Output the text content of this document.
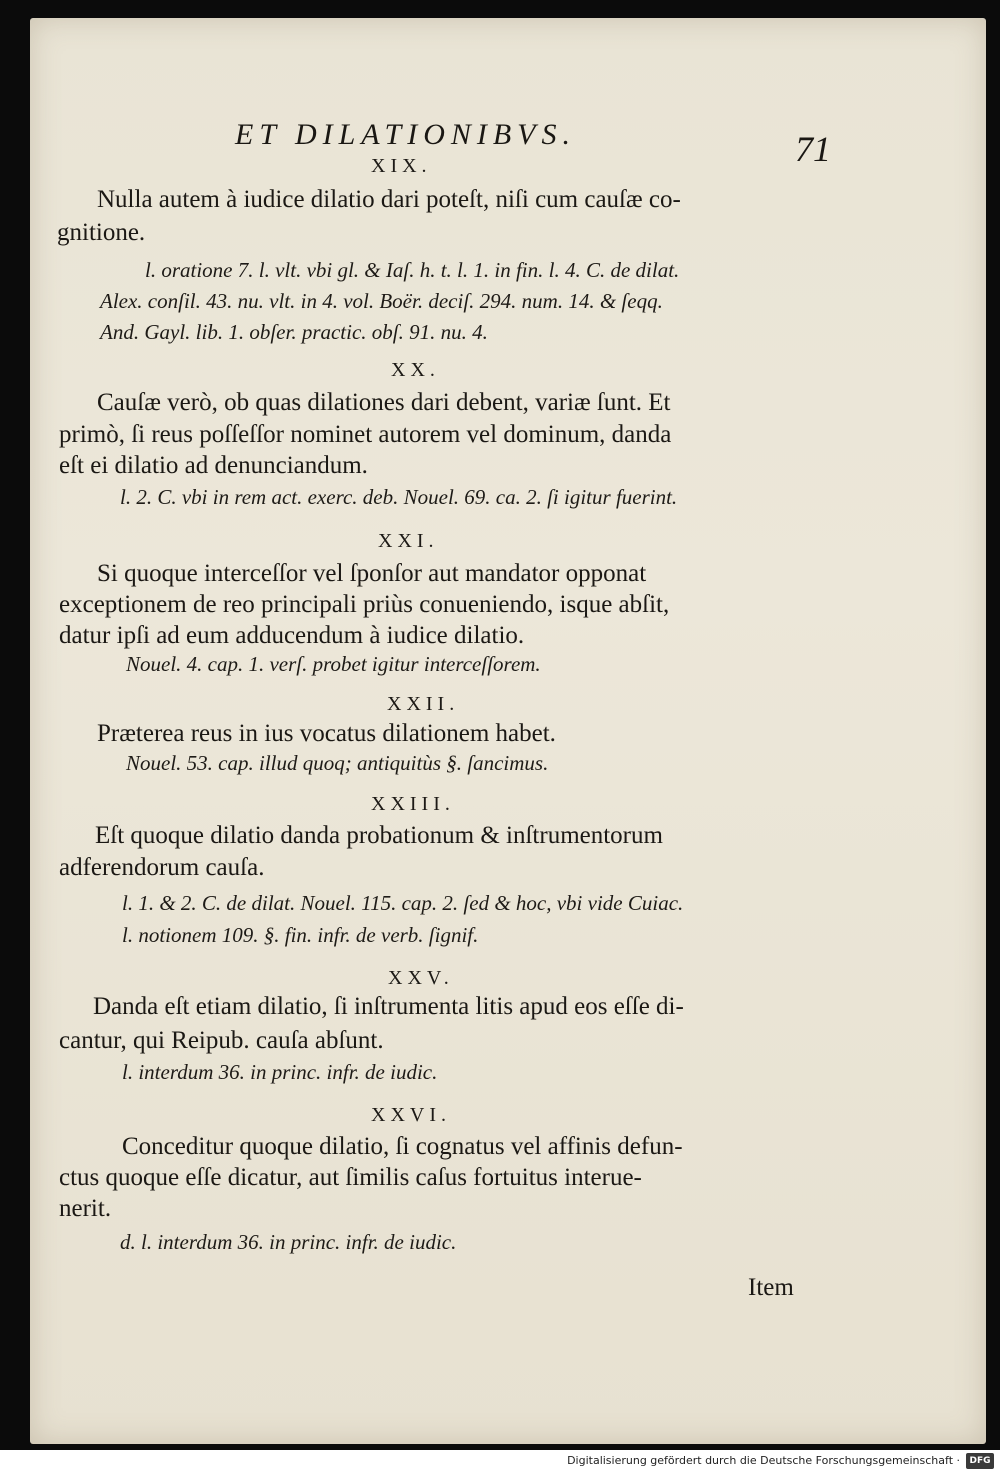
ET DILATIONIBVS.	71
XIX.
Nulla autem à iudice dilatio dari poteſt, niſi cum cauſæ co-
gnitione.
l. oratione 7. l. vlt. vbi gl. & Iaſ. h. t. l. 1. in fin. l. 4. C. de dilat.
Alex. conſil. 43. nu. vlt. in 4. vol. Boër. deciſ. 294. num. 14. & ſeqq.
And. Gayl. lib. 1. obſer. practic. obſ. 91. nu. 4.
XX.
Cauſæ verò, ob quas dilationes dari debent, variæ ſunt. Et
primò, ſi reus poſſeſſor nominet autorem vel dominum, danda
eſt ei dilatio ad denunciandum.
l. 2. C. vbi in rem act. exerc. deb. Nouel. 69. ca. 2. ſi igitur fuerint.
XXI.
Si quoque interceſſor vel ſponſor aut mandator opponat
exceptionem de reo principali priùs conueniendo, isque abſit,
datur ipſi ad eum adducendum à iudice dilatio.
Nouel. 4. cap. 1. verſ. probet igitur interceſſorem.
XXII.
Præterea reus in ius vocatus dilationem habet.
Nouel. 53. cap. illud quoq; antiquitùs §. ſancimus.
XXIII.
Eſt quoque dilatio danda probationum & inſtrumentorum
adferendorum cauſa.
l. 1. & 2. C. de dilat. Nouel. 115. cap. 2. ſed & hoc, vbi vide Cuiac.
l. notionem 109. §. fin. infr. de verb. ſignif.
XXV.
Danda eſt etiam dilatio, ſi inſtrumenta litis apud eos eſſe di-
cantur, qui Reipub. cauſa abſunt.
l. interdum 36. in princ. infr. de iudic.
XXVI.
Conceditur quoque dilatio, ſi cognatus vel affinis defun-
ctus quoque eſſe dicatur, aut ſimilis caſus fortuitus interue-
nerit.
d. l. interdum 36. in princ. infr. de iudic.
Item
Digitalisierung gefördert durch die Deutsche Forschungsgemeinschaft ·	DFG
